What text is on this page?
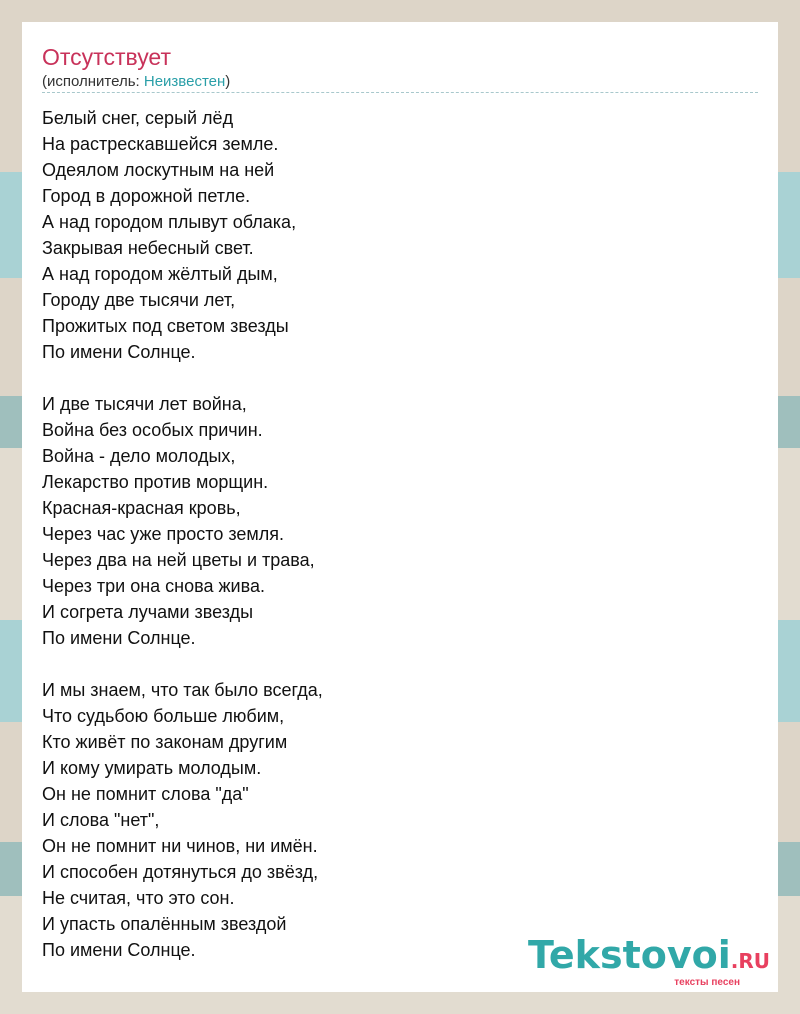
Отсутствует

(исполнитель: Неизвестен)

Белый снег, серый лёд
На растрескавшейся земле.
Одеялом лоскутным на ней
Город в дорожной петле.
А над городом плывут облака,
Закрывая небесный свет.
А над городом жёлтый дым,
Городу две тысячи лет,
Прожитых под светом звезды
По имени Солнце.
И две тысячи лет война,
Война без особых причин.
Война - дело молодых,
Лекарство против морщин.
Красная-красная кровь,
Через час уже просто земля.
Через два на ней цветы и трава,
Через три она снова жива.
И согрета лучами звезды
По имени Солнце.
И мы знаем, что так было всегда,
Что судьбою больше любим,
Кто живёт по законам другим
И кому умирать молодым.
Он не помнит слова "да"
И слова "нет",
Он не помнит ни чинов, ни имён.
И способен дотянуться до звёзд,
Не считая, что это сон.
И упасть опалённым звездой
По имени Солнце.	Tekstovoi.RU
тексты песен
